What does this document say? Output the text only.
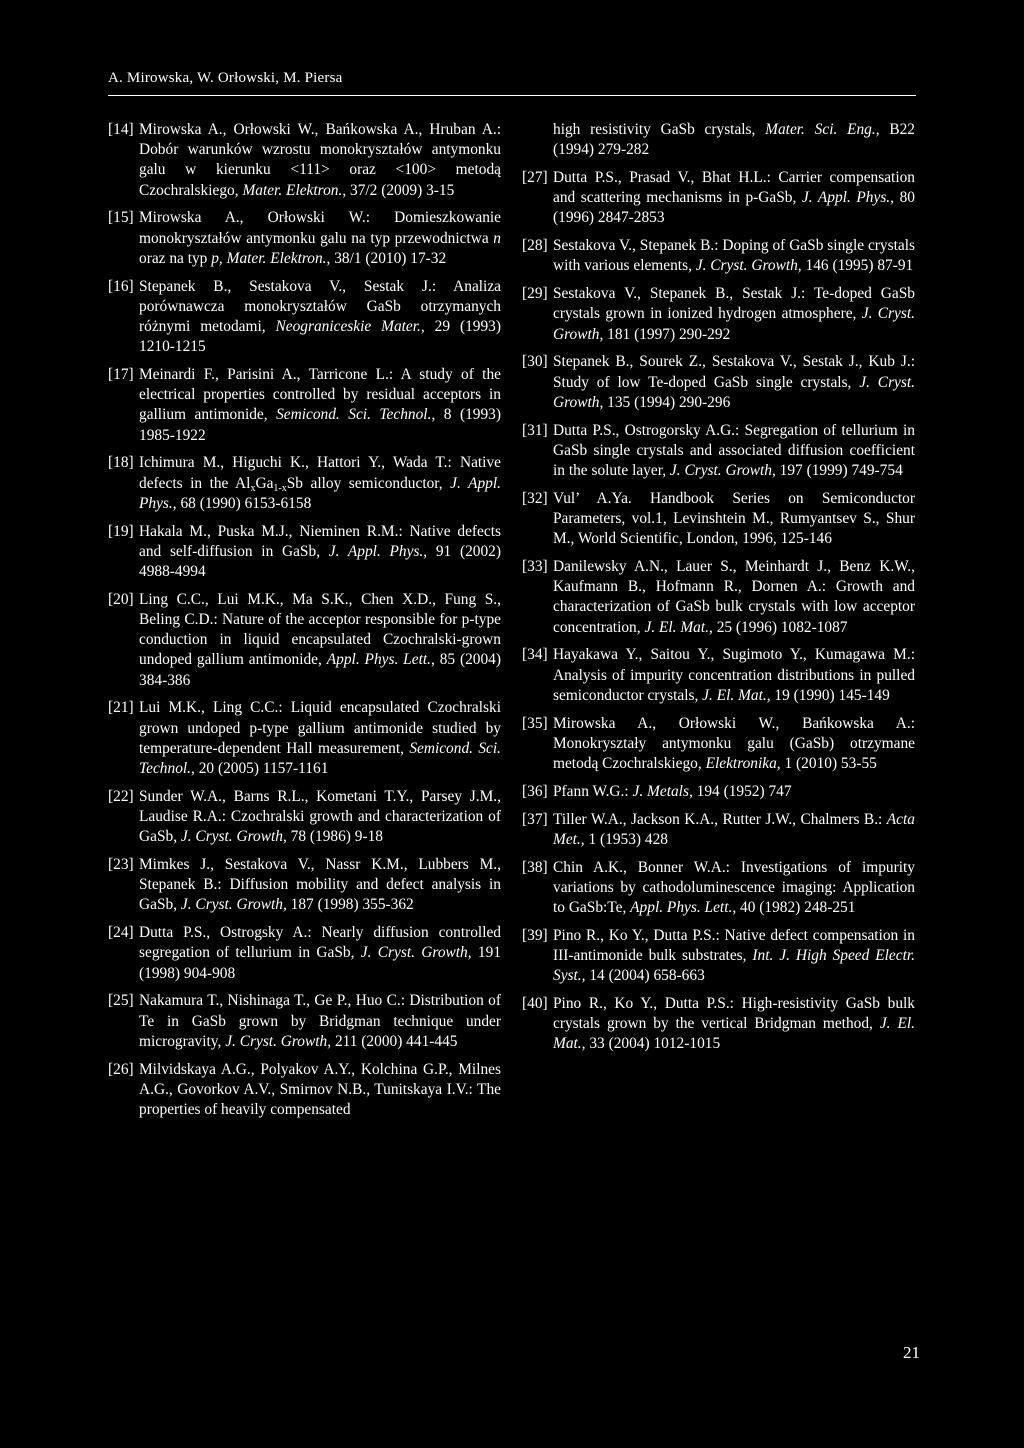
A. Mirowska, W. Orłowski, M. Piersa
[14] Mirowska A., Orłowski W., Bańkowska A., Hruban A.: Dobór warunków wzrostu monokryształów antymonku galu w kierunku <111> oraz <100> metodą Czochralskiego, Mater. Elektron., 37/2 (2009) 3-15
[15] Mirowska A., Orłowski W.: Domieszkowanie monokryształów antymonku galu na typ przewodnictwa n oraz na typ p, Mater. Elektron., 38/1 (2010) 17-32
[16] Stepanek B., Sestakova V., Sestak J.: Analiza porównawcza monokryształów GaSb otrzymanych różnymi metodami, Neograniceskie Mater., 29 (1993) 1210-1215
[17] Meinardi F., Parisini A., Tarricone L.: A study of the electrical properties controlled by residual acceptors in gallium antimonide, Semicond. Sci. Technol., 8 (1993) 1985-1922
[18] Ichimura M., Higuchi K., Hattori Y., Wada T.: Native defects in the $Al_xGa_{1-x}Sb$ alloy semiconductor, J. Appl. Phys., 68 (1990) 6153-6158
[19] Hakala M., Puska M.J., Nieminen R.M.: Native defects and self-diffusion in GaSb, J. Appl. Phys., 91 (2002) 4988-4994
[20] Ling C.C., Lui M.K., Ma S.K., Chen X.D., Fung S., Beling C.D.: Nature of the acceptor responsible for p-type conduction in liquid encapsulated Czochralski-grown undoped gallium antimonide, Appl. Phys. Lett., 85 (2004) 384-386
[21] Lui M.K., Ling C.C.: Liquid encapsulated Czochralski grown undoped p-type gallium antimonide studied by temperature-dependent Hall measurement, Semicond. Sci. Technol., 20 (2005) 1157-1161
[22] Sunder W.A., Barns R.L., Kometani T.Y., Parsey J.M., Laudise R.A.: Czochralski growth and characterization of GaSb, J. Cryst. Growth, 78 (1986) 9-18
[23] Mimkes J., Sestakova V., Nassr K.M., Lubbers M., Stepanek B.: Diffusion mobility and defect analysis in GaSb, J. Cryst. Growth, 187 (1998) 355-362
[24] Dutta P.S., Ostrogsky A.: Nearly diffusion controlled segregation of tellurium in GaSb, J. Cryst. Growth, 191 (1998) 904-908
[25] Nakamura T., Nishinaga T., Ge P., Huo C.: Distribution of Te in GaSb grown by Bridgman technique under microgravity, J. Cryst. Growth, 211 (2000) 441-445
[26] Milvidskaya A.G., Polyakov A.Y., Kolchina G.P., Milnes A.G., Govorkov A.V., Smirnov N.B., Tunitskaya I.V.: The properties of heavily compensated
high resistivity GaSb crystals, Mater. Sci. Eng., B22 (1994) 279-282
[27] Dutta P.S., Prasad V., Bhat H.L.: Carrier compensation and scattering mechanisms in p-GaSb, J. Appl. Phys., 80 (1996) 2847-2853
[28] Sestakova V., Stepanek B.: Doping of GaSb single crystals with various elements, J. Cryst. Growth, 146 (1995) 87-91
[29] Sestakova V., Stepanek B., Sestak J.: Te-doped GaSb crystals grown in ionized hydrogen atmosphere, J. Cryst. Growth, 181 (1997) 290-292
[30] Stepanek B., Sourek Z., Sestakova V., Sestak J., Kub J.: Study of low Te-doped GaSb single crystals, J. Cryst. Growth, 135 (1994) 290-296
[31] Dutta P.S., Ostrogorsky A.G.: Segregation of tellurium in GaSb single crystals and associated diffusion coefficient in the solute layer, J. Cryst. Growth, 197 (1999) 749-754
[32] Vul’ A.Ya. Handbook Series on Semiconductor Parameters, vol.1, Levinshtein M., Rumyantsev S., Shur M., World Scientific, London, 1996, 125-146
[33] Danilewsky A.N., Lauer S., Meinhardt J., Benz K.W., Kaufmann B., Hofmann R., Dornen A.: Growth and characterization of GaSb bulk crystals with low acceptor concentration, J. El. Mat., 25 (1996) 1082-1087
[34] Hayakawa Y., Saitou Y., Sugimoto Y., Kumagawa M.: Analysis of impurity concentration distributions in pulled semiconductor crystals, J. El. Mat., 19 (1990) 145-149
[35] Mirowska A., Orłowski W., Bańkowska A.: Monokryształy antymonku galu (GaSb) otrzymane metodą Czochralskiego, Elektronika, 1 (2010) 53-55
[36] Pfann W.G.: J. Metals, 194 (1952) 747
[37] Tiller W.A., Jackson K.A., Rutter J.W., Chalmers B.: Acta Met., 1 (1953) 428
[38] Chin A.K., Bonner W.A.: Investigations of impurity variations by cathodoluminescence imaging: Application to GaSb:Te, Appl. Phys. Lett., 40 (1982) 248-251
[39] Pino R., Ko Y., Dutta P.S.: Native defect compensation in III-antimonide bulk substrates, Int. J. High Speed Electr. Syst., 14 (2004) 658-663
[40] Pino R., Ko Y., Dutta P.S.: High-resistivity GaSb bulk crystals grown by the vertical Bridgman method, J. El. Mat., 33 (2004) 1012-1015
21
